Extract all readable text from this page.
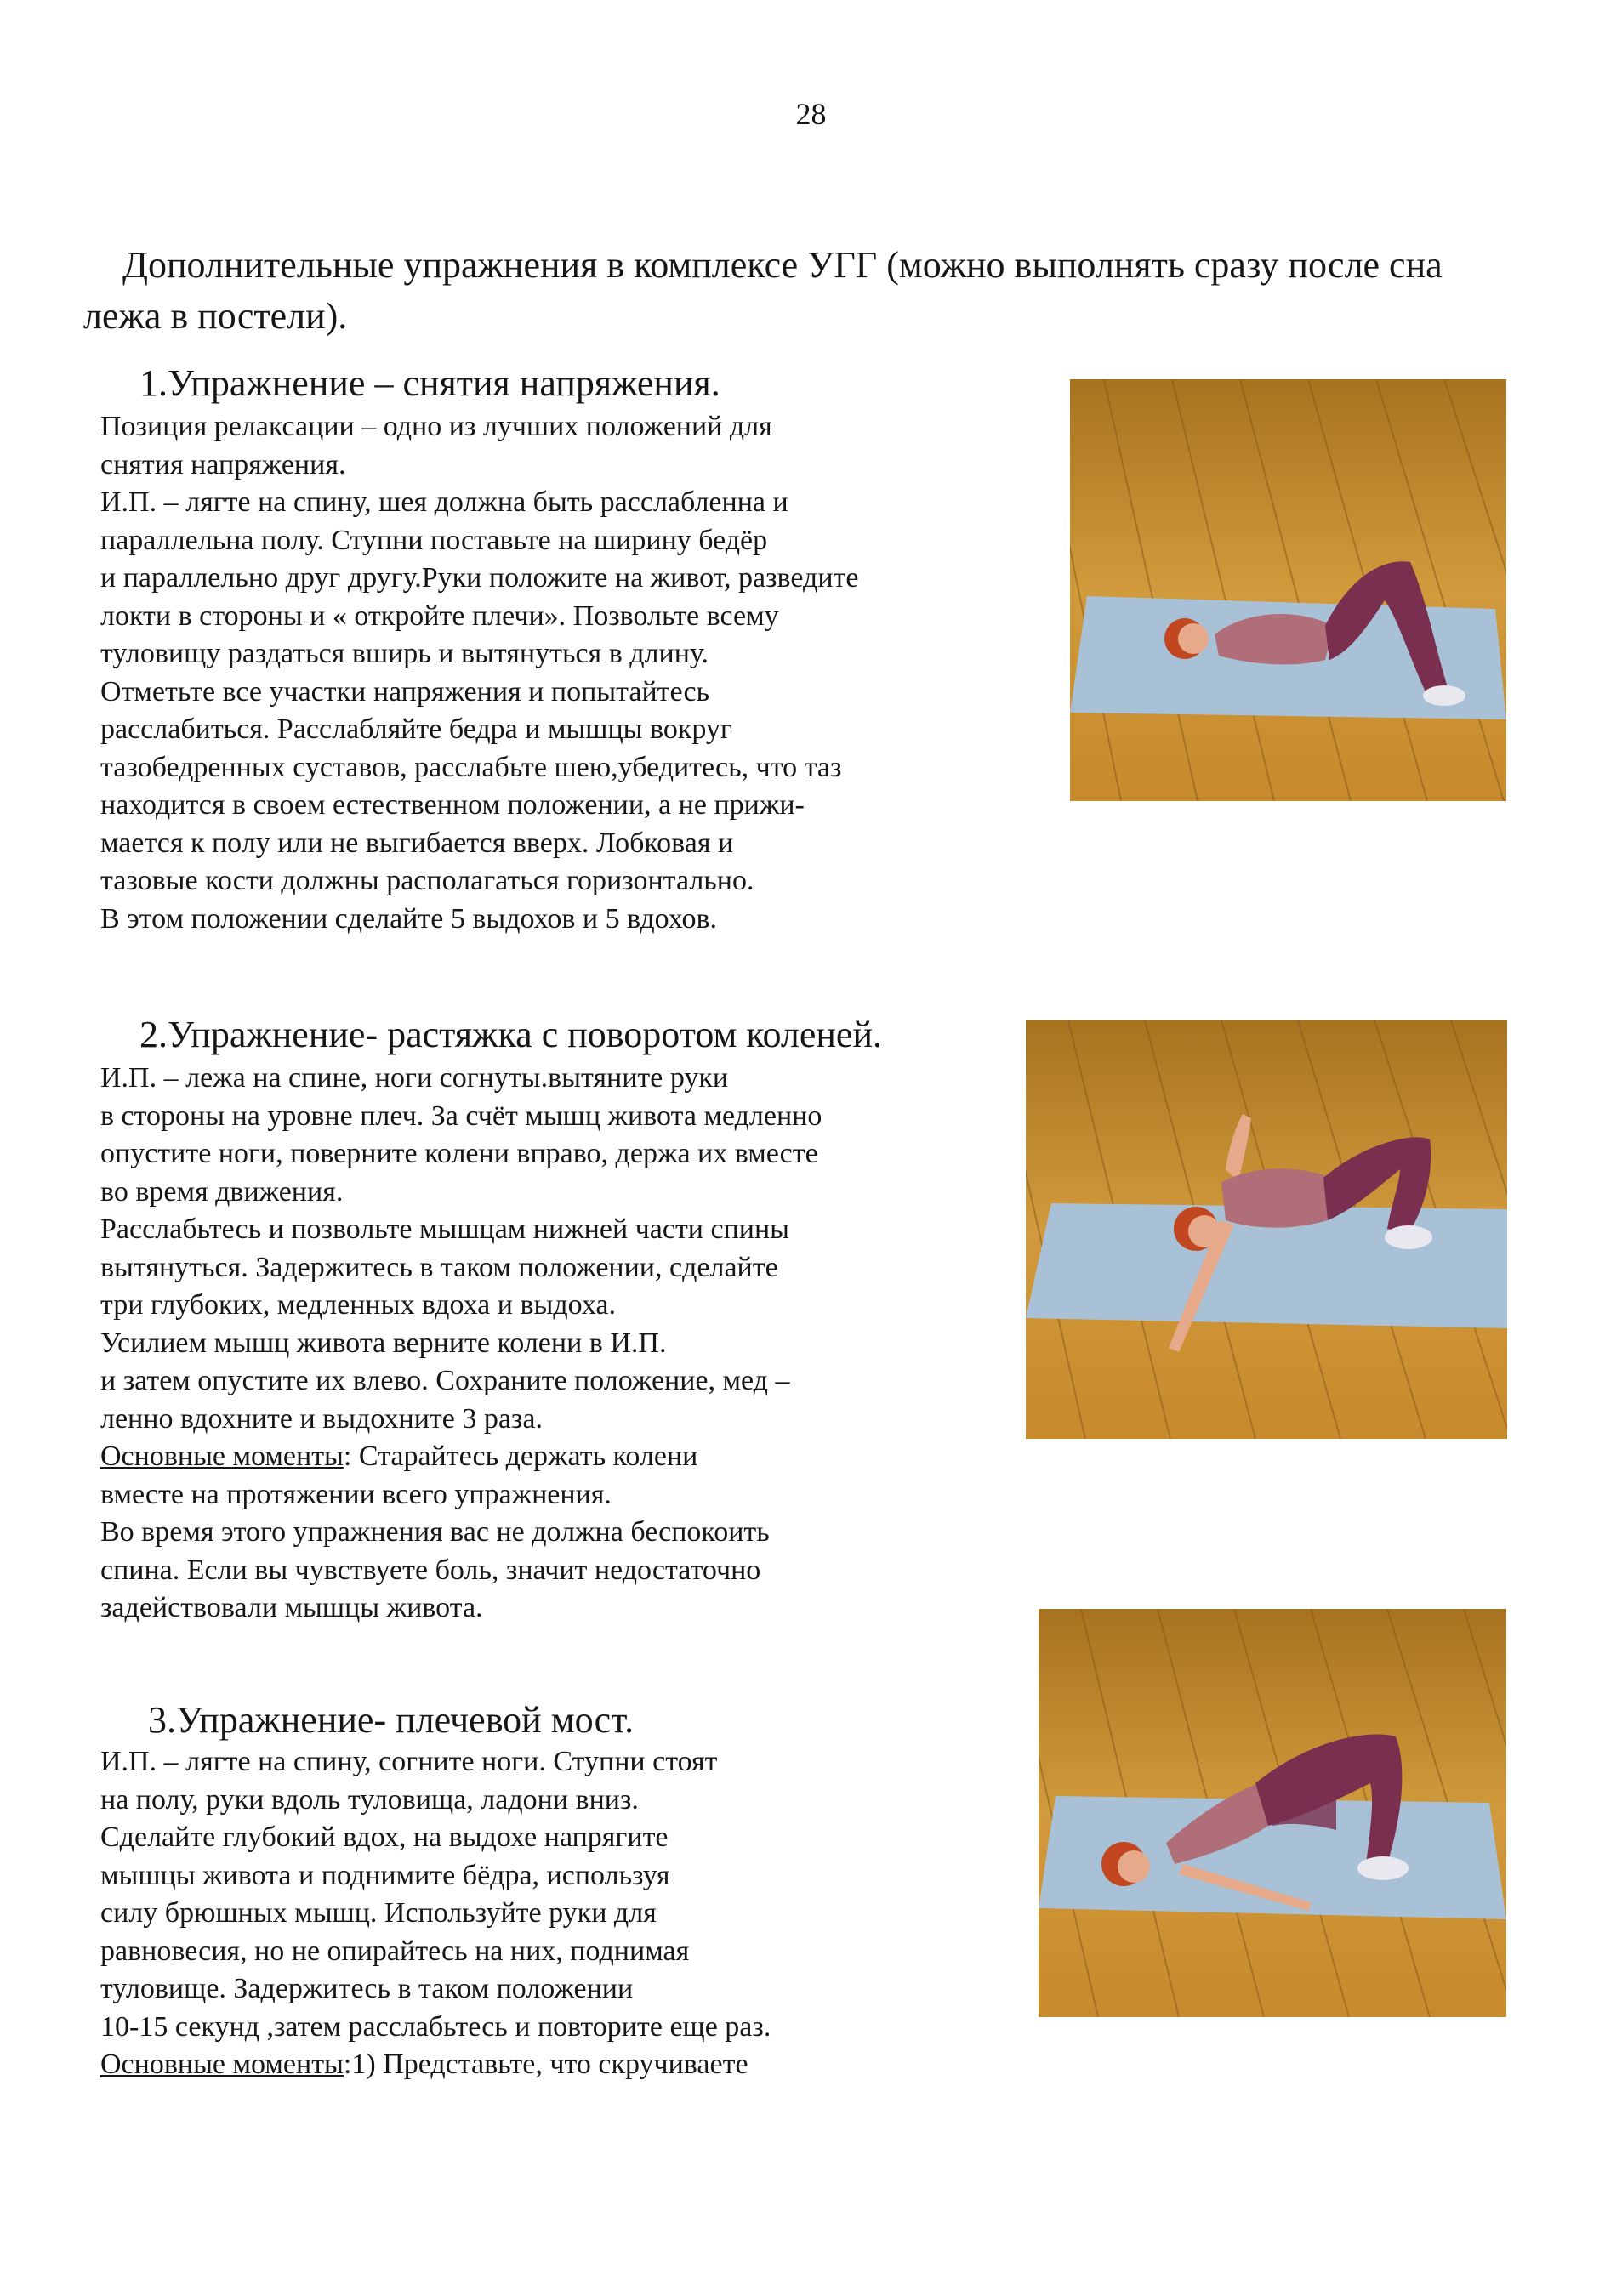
28
Дополнительные упражнения в комплексе УГГ (можно выполнять сразу после сна
лежа в постели).
1.Упражнение – снятия напряжения.
Позиция релаксации – одно из лучших положений для
снятия напряжения.
И.П. – лягте на спину, шея должна быть расслабленна и
параллельна полу. Ступни поставьте на ширину бедёр
и параллельно друг другу.Руки положите на живот, разведите
локти в стороны и « откройте плечи». Позвольте всему
туловищу раздаться вширь и вытянуться в длину.
Отметьте все участки напряжения и попытайтесь
расслабиться. Расслабляйте бедра и мышцы вокруг
тазобедренных суставов, расслабьте шею,убедитесь, что таз
находится в своем естественном положении, а не прижи-
мается к полу или не выгибается вверх. Лобковая и
тазовые кости должны располагаться горизонтально.
В этом положении сделайте 5 выдохов и 5 вдохов.
2.Упражнение- растяжка с поворотом коленей.
И.П. – лежа на спине, ноги согнуты.вытяните руки
в стороны на уровне плеч. За счёт мышц живота медленно
опустите ноги, поверните колени вправо, держа их вместе
во время движения.
Расслабьтесь и позвольте мышцам нижней части спины
вытянуться. Задержитесь в таком положении, сделайте
три глубоких, медленных вдоха и выдоха.
Усилием мышц живота верните колени в И.П.
и затем опустите их влево. Сохраните положение, мед –
ленно вдохните и выдохните 3 раза.
Основные моменты: Старайтесь держать колени
вместе на протяжении всего упражнения.
Во время этого упражнения вас не должна беспокоить
спина. Если вы чувствуете боль, значит недостаточно
задействовали мышцы живота.
3.Упражнение- плечевой мост.
И.П. – лягте на спину, согните ноги. Ступни стоят
на полу, руки вдоль туловища, ладони вниз.
Сделайте глубокий вдох, на выдохе напрягите
мышцы живота и поднимите бёдра, используя
силу брюшных мышц. Используйте руки для
равновесия, но не опирайтесь на них, поднимая
туловище. Задержитесь в таком положении
10-15 секунд ,затем расслабьтесь и повторите еще раз.
Основные моменты:1) Представьте, что скручиваете
